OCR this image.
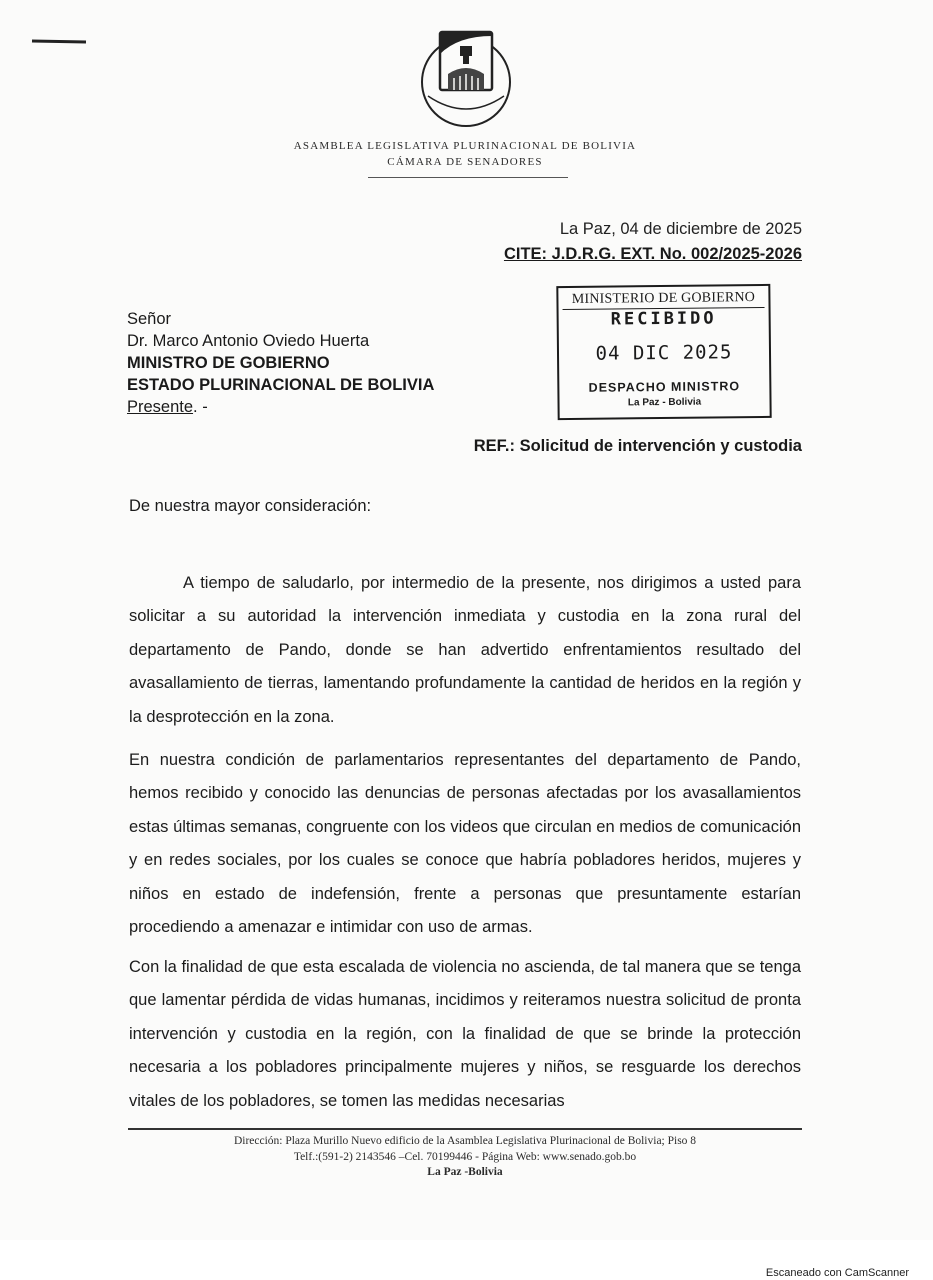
ASAMBLEA LEGISLATIVA PLURINACIONAL DE BOLIVIA
CÁMARA DE SENADORES
La Paz, 04 de diciembre de 2025
CITE: J.D.R.G. EXT. No. 002/2025-2026
Señor
Dr. Marco Antonio Oviedo Huerta
MINISTRO DE GOBIERNO
ESTADO PLURINACIONAL DE BOLIVIA
Presente. -
MINISTERIO DE GOBIERNO
RECIBIDO
04 DIC 2025
DESPACHO MINISTRO
La Paz - Bolivia
REF.: Solicitud de intervención y custodia
De nuestra mayor consideración:

A tiempo de saludarlo, por intermedio de la presente, nos dirigimos a usted para solicitar a su autoridad la intervención inmediata y custodia en la zona rural del departamento de Pando, donde se han advertido enfrentamientos resultado del avasallamiento de tierras, lamentando profundamente la cantidad de heridos en la región y la desprotección en la zona.

En nuestra condición de parlamentarios representantes del departamento de Pando, hemos recibido y conocido las denuncias de personas afectadas por los avasallamientos estas últimas semanas, congruente con los videos que circulan en medios de comunicación y en redes sociales, por los cuales se conoce que habría pobladores heridos, mujeres y niños en estado de indefensión, frente a personas que presuntamente estarían procediendo a amenazar e intimidar con uso de armas.

Con la finalidad de que esta escalada de violencia no ascienda, de tal manera que se tenga que lamentar pérdida de vidas humanas, incidimos y reiteramos nuestra solicitud de pronta intervención y custodia en la región, con la finalidad de que se brinde la protección necesaria a los pobladores principalmente mujeres y niños, se resguarde los derechos vitales de los pobladores, se tomen las medidas necesarias

Dirección: Plaza Murillo Nuevo edificio de la Asamblea Legislativa Plurinacional de Bolivia; Piso 8
Telf.:(591-2) 2143546 –Cel. 70199446 - Página Web: www.senado.gob.bo
La Paz -Bolivia
Escaneado con CamScanner
